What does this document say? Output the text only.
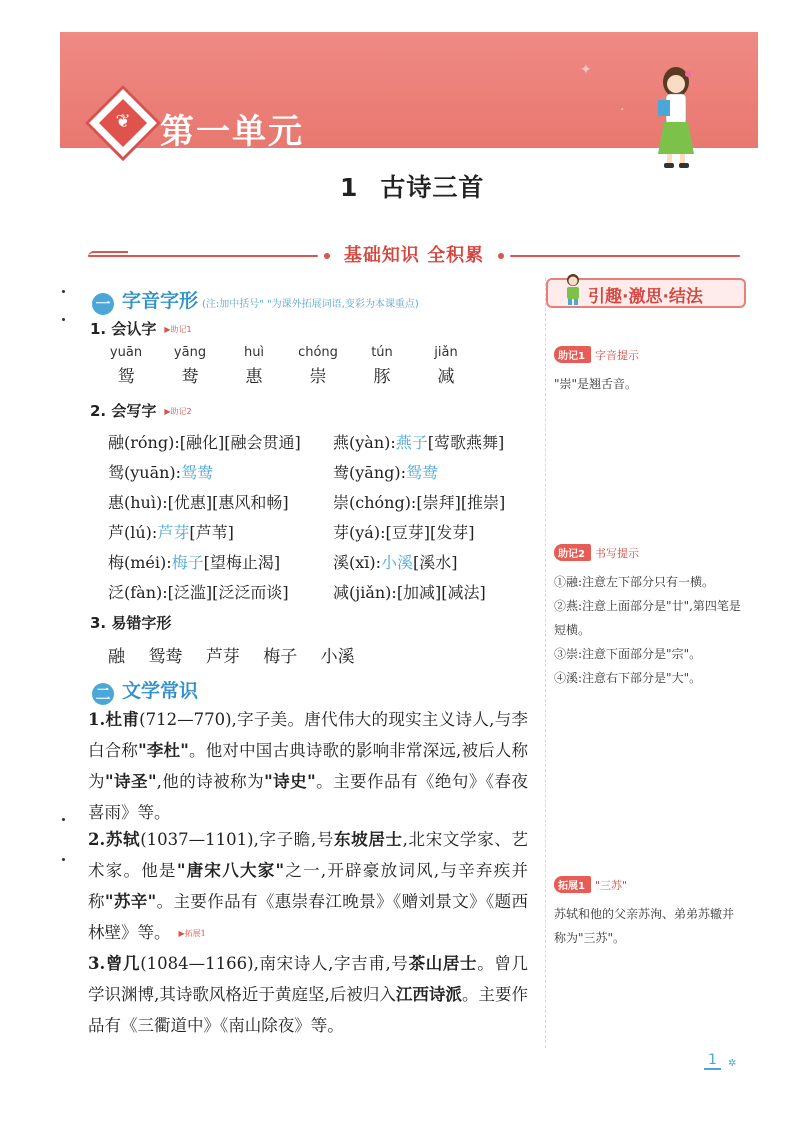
✦
·
❦ 第一单元
1 古诗三首
基础知识 全积累
一 字音字形 (注:加中括号" "为课外拓展词语,变彩为本课重点)
1. 会认字 ▶助记1
yuān
鸳
yāng
鸯
huì
惠
chóng
崇
tún
豚
jiǎn
减
2. 会写字 ▶助记2
融(róng):[融化][融会贯通]
鸳(yuān):鸳鸯
惠(huì):[优惠][惠风和畅]
芦(lú):芦芽[芦苇]
梅(méi):梅子[望梅止渴]
泛(fàn):[泛滥][泛泛而谈]
燕(yàn):燕子[莺歌燕舞]
鸯(yāng):鸳鸯
崇(chóng):[崇拜][推崇]
芽(yá):[豆芽][发芽]
溪(xī):小溪[溪水]
减(jiǎn):[加减][减法]
3. 易错字形
融 鸳鸯 芦芽 梅子 小溪
二 文学常识
1.杜甫(712—770),字子美。唐代伟大的现实主义诗人,与李白合称"李杜"。他对中国古典诗歌的影响非常深远,被后人称为"诗圣",他的诗被称为"诗史"。主要作品有《绝句》《春夜喜雨》等。
2.苏轼(1037—1101),字子瞻,号东坡居士,北宋文学家、艺术家。他是"唐宋八大家"之一,开辟豪放词风,与辛弃疾并称"苏辛"。主要作品有《惠崇春江晚景》《赠刘景文》《题西林壁》等。 ▶拓展1
3.曾几(1084—1166),南宋诗人,字吉甫,号茶山居士。曾几学识渊博,其诗歌风格近于黄庭坚,后被归入江西诗派。主要作品有《三衢道中》《南山除夜》等。
引趣·激思·结法
助记1 字音提示
"崇"是翘舌音。
助记2 书写提示
①融:注意左下部分只有一横。
②燕:注意上面部分是"廿",第四笔是短横。
③崇:注意下面部分是"宗"。
④溪:注意右下部分是"大"。
拓展1 "三苏"
苏轼和他的父亲苏洵、弟弟苏辙并称为"三苏"。
1 ✲
